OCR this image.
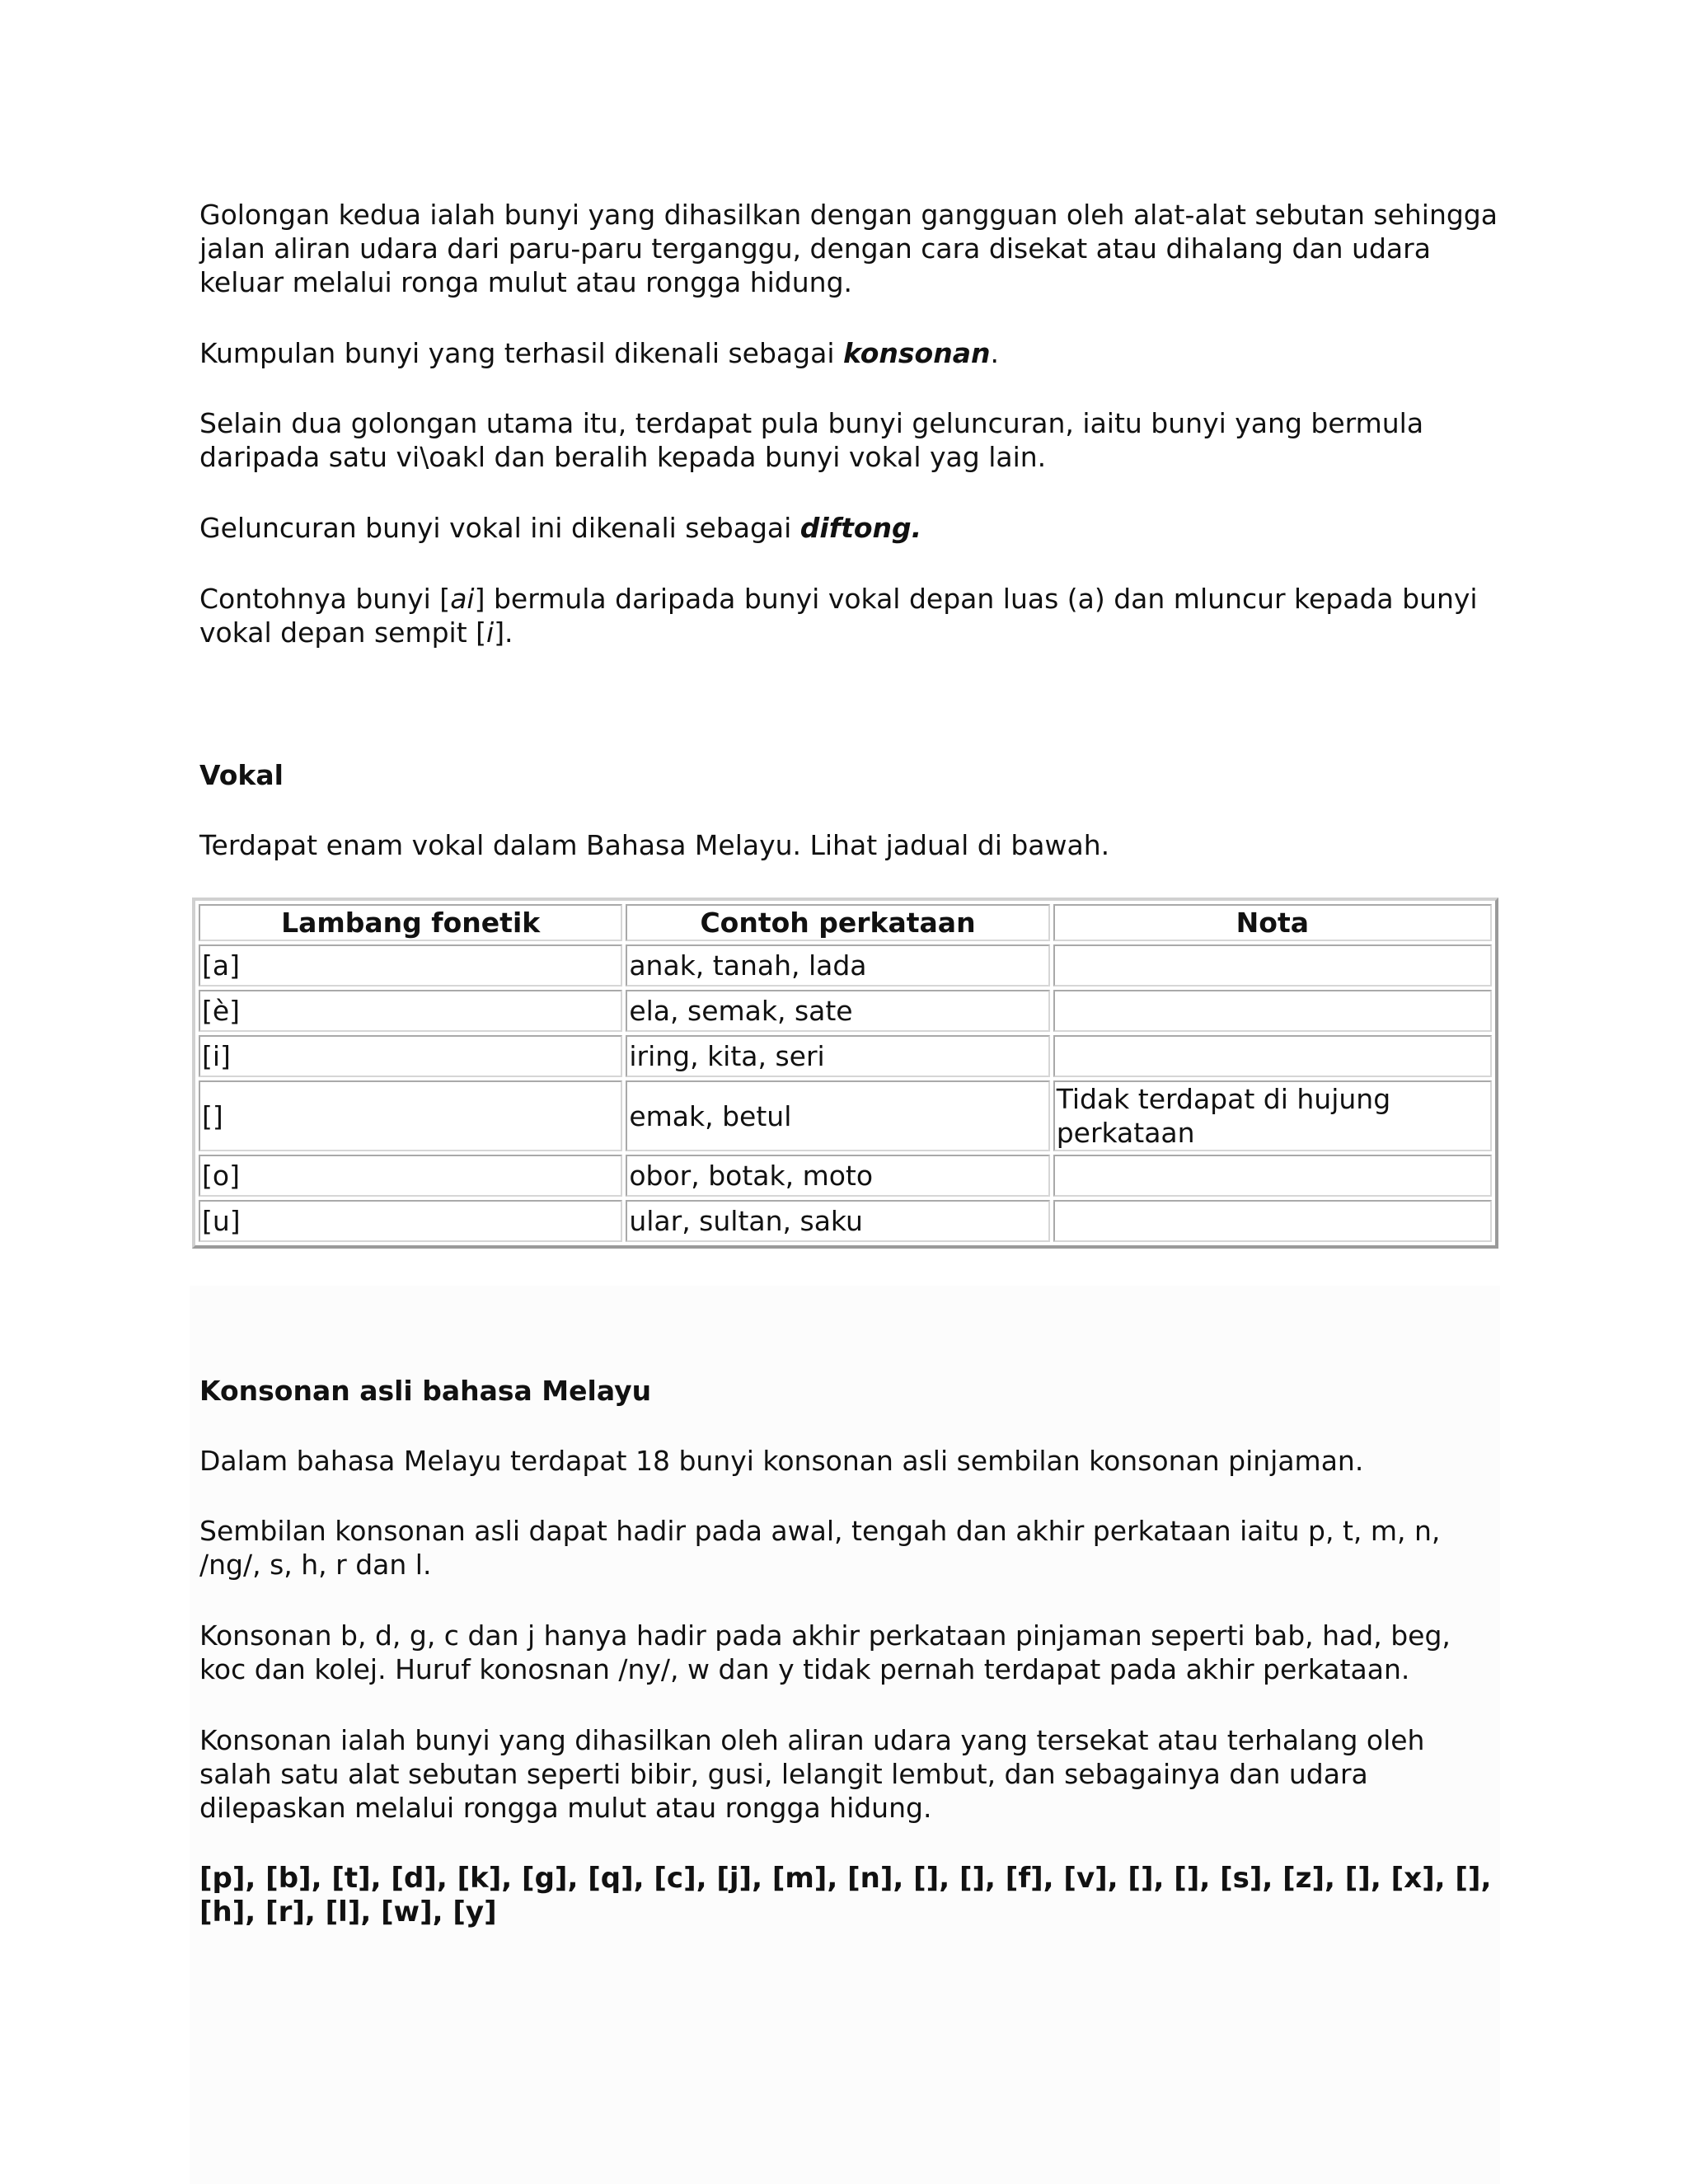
Golongan kedua ialah bunyi yang dihasilkan dengan gangguan oleh alat-alat sebutan sehingga jalan aliran udara dari paru-paru terganggu, dengan cara disekat atau dihalang dan udara keluar melalui ronga mulut atau rongga hidung.

Kumpulan bunyi yang terhasil dikenali sebagai konsonan.

Selain dua golongan utama itu, terdapat pula bunyi geluncuran, iaitu bunyi yang bermula daripada satu vi\oakl dan beralih kepada bunyi vokal yag lain.

Geluncuran bunyi vokal ini dikenali sebagai diftong.

Contohnya bunyi [ai] bermula daripada bunyi vokal depan luas (a) dan mluncur kepada bunyi vokal depan sempit [i].

Vokal

Terdapat enam vokal dalam Bahasa Melayu. Lihat jadual di bawah.

Lambang fonetik	Contoh perkataan	Nota
[a]	anak, tanah, lada	
[è]	ela, semak, sate	
[i]	iring, kita, seri	
[]	emak, betul	Tidak terdapat di hujung perkataan
[o]	obor, botak, moto	
[u]	ular, sultan, saku	

Konsonan asli bahasa Melayu

Dalam bahasa Melayu terdapat 18 bunyi konsonan asli sembilan konsonan pinjaman.

Sembilan konsonan asli dapat hadir pada awal, tengah dan akhir perkataan iaitu p, t, m, n, /ng/, s, h, r dan l.

Konsonan b, d, g, c dan j hanya hadir pada akhir perkataan pinjaman seperti bab, had, beg, koc dan kolej. Huruf konosnan /ny/, w dan y tidak pernah terdapat pada akhir perkataan.

Konsonan ialah bunyi yang dihasilkan oleh aliran udara yang tersekat atau terhalang oleh salah satu alat sebutan seperti bibir, gusi, lelangit lembut, dan sebagainya dan udara dilepaskan melalui rongga mulut atau rongga hidung.

[p], [b], [t], [d], [k], [g], [q], [c], [j], [m], [n], [], [], [f], [v], [], [], [s], [z], [], [x], [], [h], [r], [l], [w], [y]
